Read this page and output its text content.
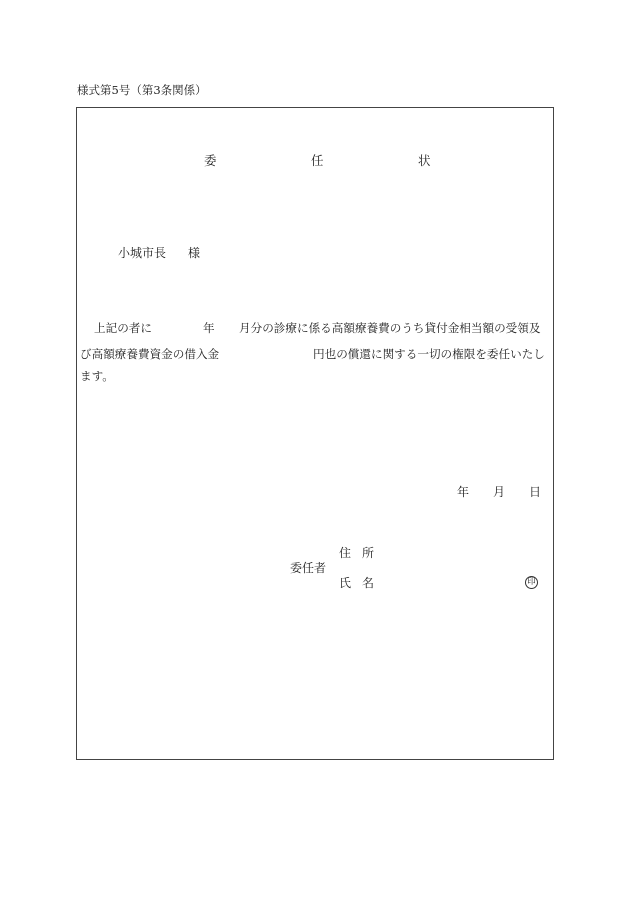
様式第5号（第3条関係）
委	任	状
小城市長 様
上記の者に	年 月分の診療に係る高額療養費のうち貸付金相当額の受領及
び高額療養費資金の借入金	円也の償還に関する一切の権限を委任いたし
ます。
年 月 日
住 所
委任者
氏 名	印
